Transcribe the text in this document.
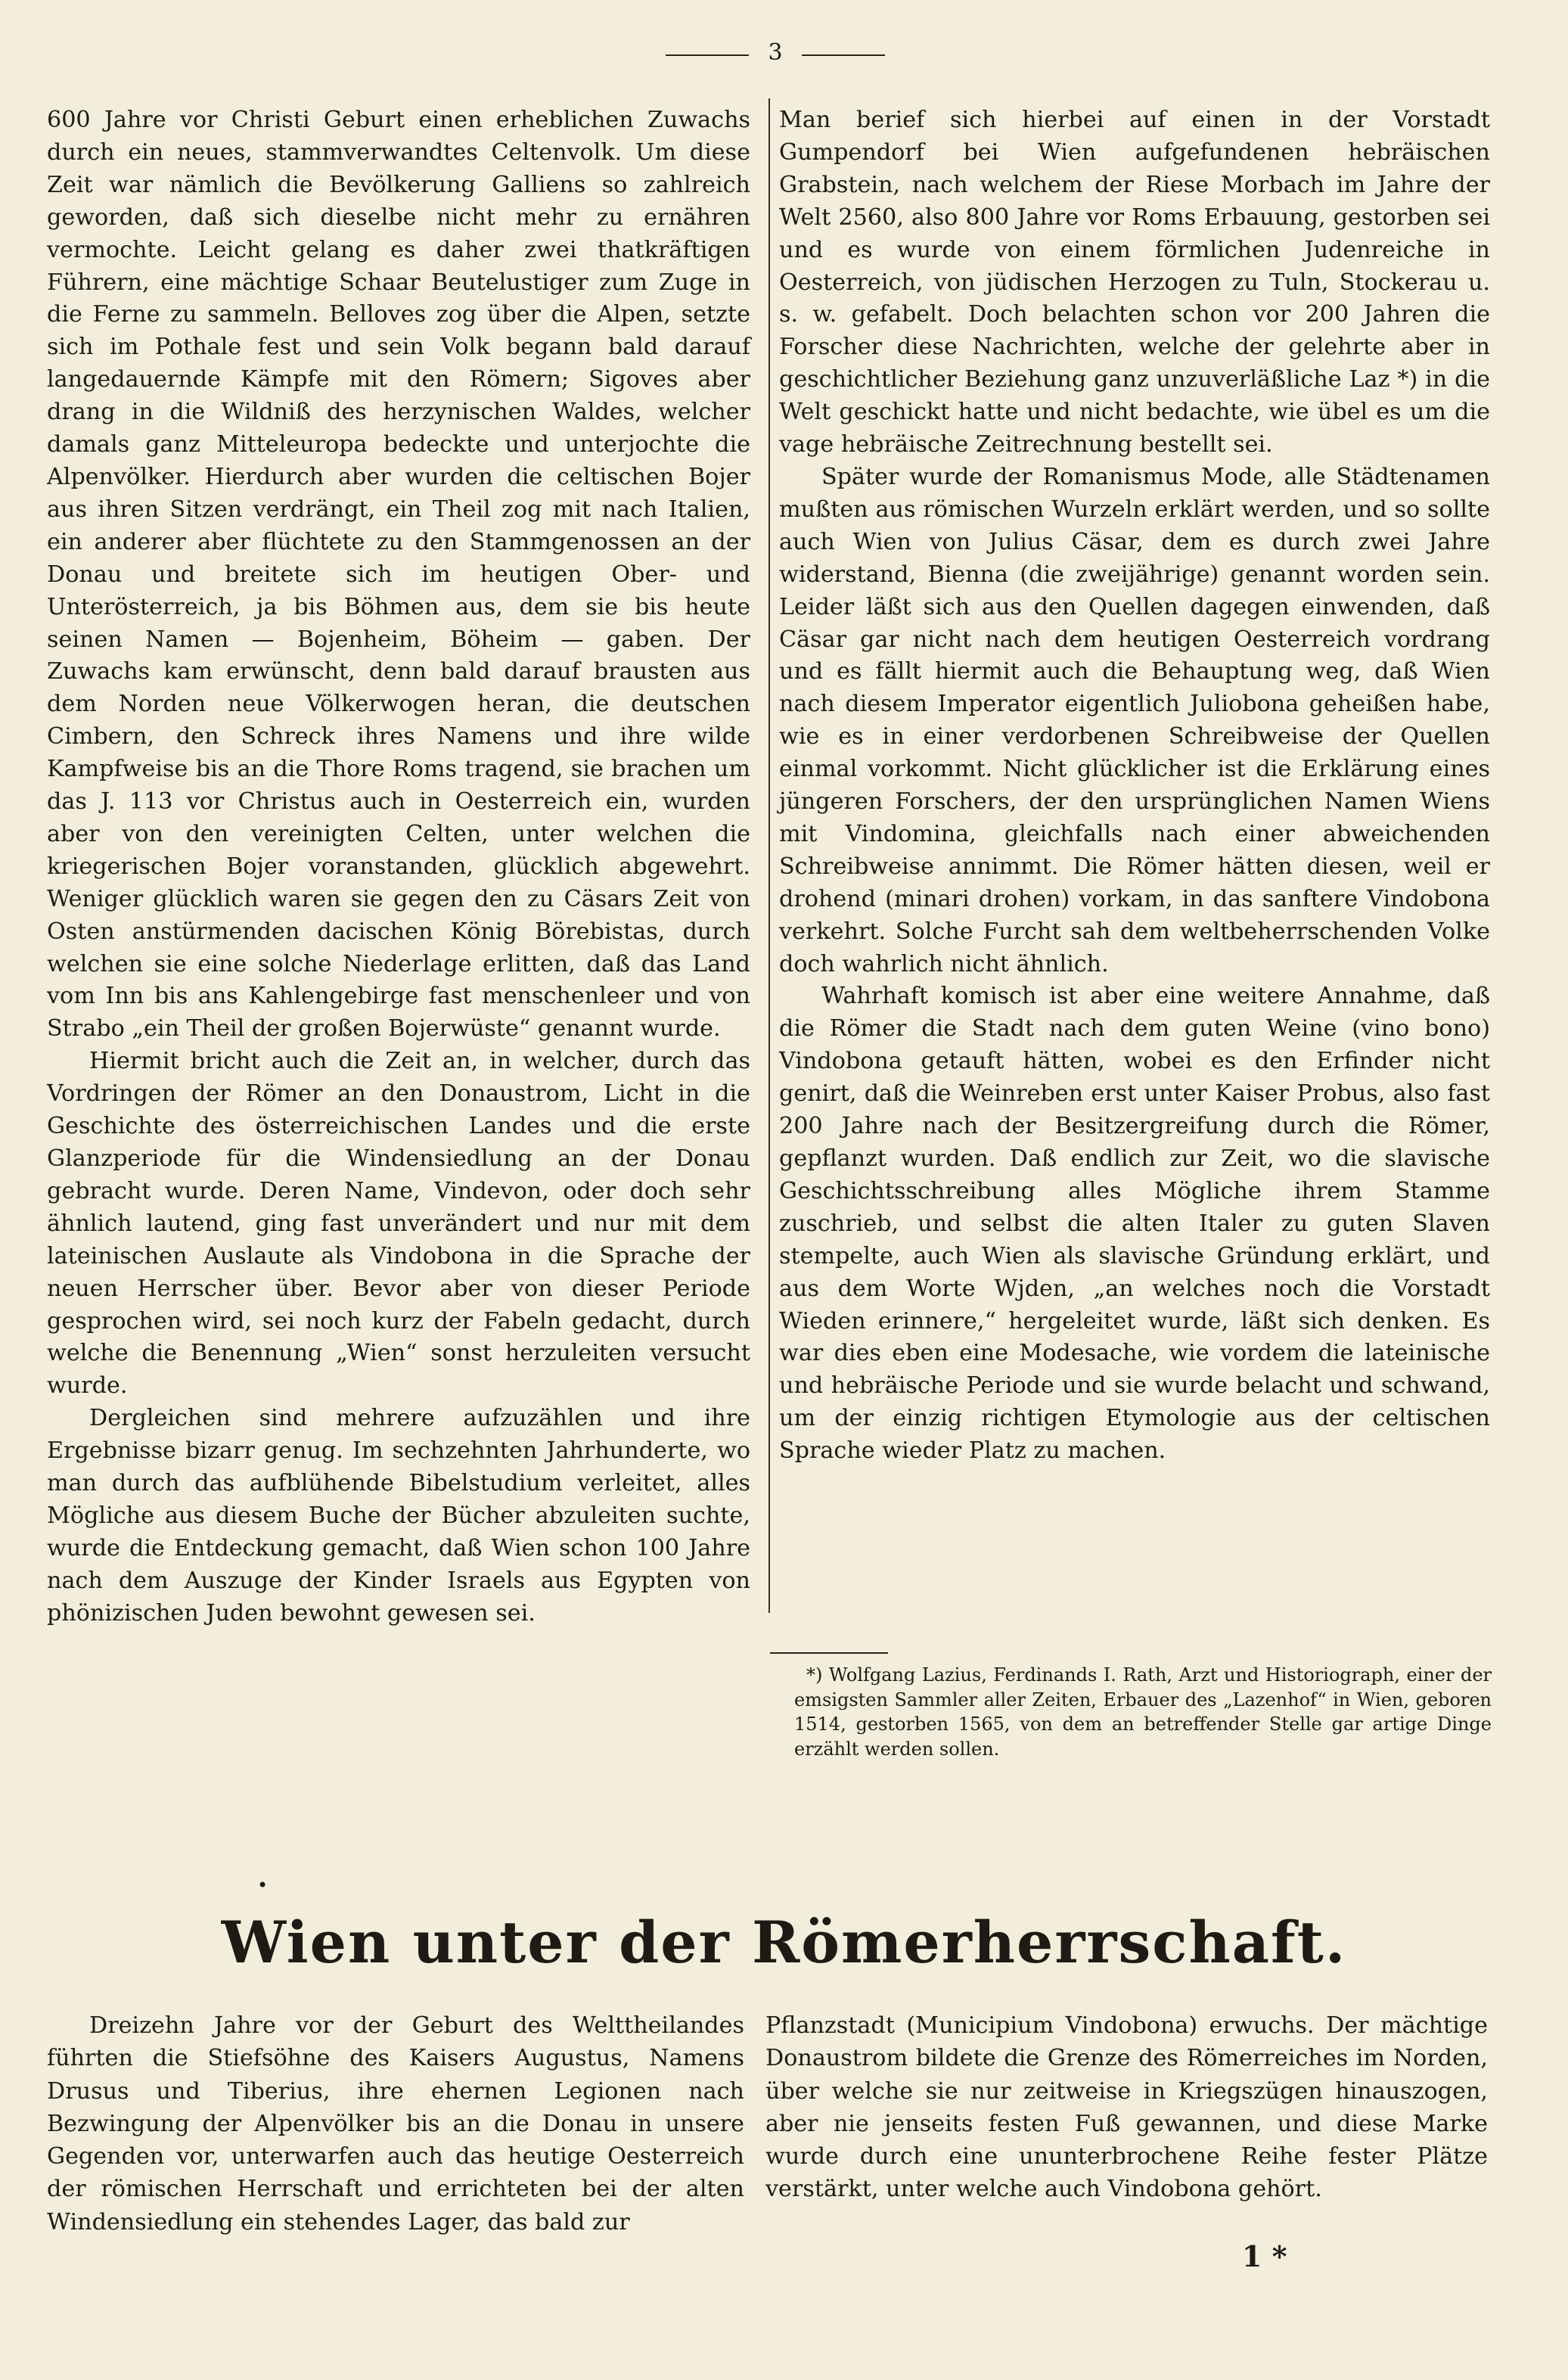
3

600 Jahre vor Christi Geburt einen erheblichen Zuwachs durch ein neues, stammverwandtes Celtenvolk. Um diese Zeit war nämlich die Bevölkerung Galliens so zahlreich geworden, daß sich dieselbe nicht mehr zu ernähren vermochte. Leicht gelang es daher zwei thatkräftigen Führern, eine mächtige Schaar Beutelustiger zum Zuge in die Ferne zu sammeln. Belloves zog über die Alpen, setzte sich im Pothale fest und sein Volk begann bald darauf langedauernde Kämpfe mit den Römern; Sigoves aber drang in die Wildniß des herzynischen Waldes, welcher damals ganz Mitteleuropa bedeckte und unterjochte die Alpenvölker. Hierdurch aber wurden die celtischen Bojer aus ihren Sitzen verdrängt, ein Theil zog mit nach Italien, ein anderer aber flüchtete zu den Stammgenossen an der Donau und breitete sich im heutigen Ober- und Unterösterreich, ja bis Böhmen aus, dem sie bis heute seinen Namen — Bojenheim, Böheim — gaben. Der Zuwachs kam erwünscht, denn bald darauf brausten aus dem Norden neue Völkerwogen heran, die deutschen Cimbern, den Schreck ihres Namens und ihre wilde Kampfweise bis an die Thore Roms tragend, sie brachen um das J. 113 vor Christus auch in Oesterreich ein, wurden aber von den vereinigten Celten, unter welchen die kriegerischen Bojer voranstanden, glücklich abgewehrt. Weniger glücklich waren sie gegen den zu Cäsars Zeit von Osten anstürmenden dacischen König Börebistas, durch welchen sie eine solche Niederlage erlitten, daß das Land vom Inn bis ans Kahlengebirge fast menschenleer und von Strabo „ein Theil der großen Bojerwüste“ genannt wurde.

Hiermit bricht auch die Zeit an, in welcher, durch das Vordringen der Römer an den Donaustrom, Licht in die Geschichte des österreichischen Landes und die erste Glanzperiode für die Windensiedlung an der Donau gebracht wurde. Deren Name, Vindevon, oder doch sehr ähnlich lautend, ging fast unverändert und nur mit dem lateinischen Auslaute als Vindobona in die Sprache der neuen Herrscher über. Bevor aber von dieser Periode gesprochen wird, sei noch kurz der Fabeln gedacht, durch welche die Benennung „Wien“ sonst herzuleiten versucht wurde.

Dergleichen sind mehrere aufzuzählen und ihre Ergebnisse bizarr genug. Im sechzehnten Jahrhunderte, wo man durch das aufblühende Bibelstudium verleitet, alles Mögliche aus diesem Buche der Bücher abzuleiten suchte, wurde die Entdeckung gemacht, daß Wien schon 100 Jahre nach dem Auszuge der Kinder Israels aus Egypten von phönizischen Juden bewohnt gewesen sei.

Man berief sich hierbei auf einen in der Vorstadt Gumpendorf bei Wien aufgefundenen hebräischen Grabstein, nach welchem der Riese Morbach im Jahre der Welt 2560, also 800 Jahre vor Roms Erbauung, gestorben sei und es wurde von einem förmlichen Judenreiche in Oesterreich, von jüdischen Herzogen zu Tuln, Stockerau u. s. w. gefabelt. Doch belachten schon vor 200 Jahren die Forscher diese Nachrichten, welche der gelehrte aber in geschichtlicher Beziehung ganz unzuverläßliche Laz *) in die Welt geschickt hatte und nicht bedachte, wie übel es um die vage hebräische Zeitrechnung bestellt sei.

Später wurde der Romanismus Mode, alle Städtenamen mußten aus römischen Wurzeln erklärt werden, und so sollte auch Wien von Julius Cäsar, dem es durch zwei Jahre widerstand, Bienna (die zweijährige) genannt worden sein. Leider läßt sich aus den Quellen dagegen einwenden, daß Cäsar gar nicht nach dem heutigen Oesterreich vordrang und es fällt hiermit auch die Behauptung weg, daß Wien nach diesem Imperator eigentlich Juliobona geheißen habe, wie es in einer verdorbenen Schreibweise der Quellen einmal vorkommt. Nicht glücklicher ist die Erklärung eines jüngeren Forschers, der den ursprünglichen Namen Wiens mit Vindomina, gleichfalls nach einer abweichenden Schreibweise annimmt. Die Römer hätten diesen, weil er drohend (minari drohen) vorkam, in das sanftere Vindobona verkehrt. Solche Furcht sah dem weltbeherrschenden Volke doch wahrlich nicht ähnlich.

Wahrhaft komisch ist aber eine weitere Annahme, daß die Römer die Stadt nach dem guten Weine (vino bono) Vindobona getauft hätten, wobei es den Erfinder nicht genirt, daß die Weinreben erst unter Kaiser Probus, also fast 200 Jahre nach der Besitzergreifung durch die Römer, gepflanzt wurden. Daß endlich zur Zeit, wo die slavische Geschichtsschreibung alles Mögliche ihrem Stamme zuschrieb, und selbst die alten Italer zu guten Slaven stempelte, auch Wien als slavische Gründung erklärt, und aus dem Worte Wjden, „an welches noch die Vorstadt Wieden erinnere,“ hergeleitet wurde, läßt sich denken. Es war dies eben eine Modesache, wie vordem die lateinische und hebräische Periode und sie wurde belacht und schwand, um der einzig richtigen Etymologie aus der celtischen Sprache wieder Platz zu machen.

*) Wolfgang Lazius, Ferdinands I. Rath, Arzt und Historiograph, einer der emsigsten Sammler aller Zeiten, Erbauer des „Lazenhof“ in Wien, geboren 1514, gestorben 1565, von dem an betreffender Stelle gar artige Dinge erzählt werden sollen.
•
Wien unter der Römerherrschaft.

Dreizehn Jahre vor der Geburt des Welttheilandes führten die Stiefsöhne des Kaisers Augustus, Namens Drusus und Tiberius, ihre ehernen Legionen nach Bezwingung der Alpenvölker bis an die Donau in unsere Gegenden vor, unterwarfen auch das heutige Oesterreich der römischen Herrschaft und errichteten bei der alten Windensiedlung ein stehendes Lager, das bald zur

Pflanzstadt (Municipium Vindobona) erwuchs. Der mächtige Donaustrom bildete die Grenze des Römerreiches im Norden, über welche sie nur zeitweise in Kriegszügen hinauszogen, aber nie jenseits festen Fuß gewannen, und diese Marke wurde durch eine ununterbrochene Reihe fester Plätze verstärkt, unter welche auch Vindobona gehört.

1 *
